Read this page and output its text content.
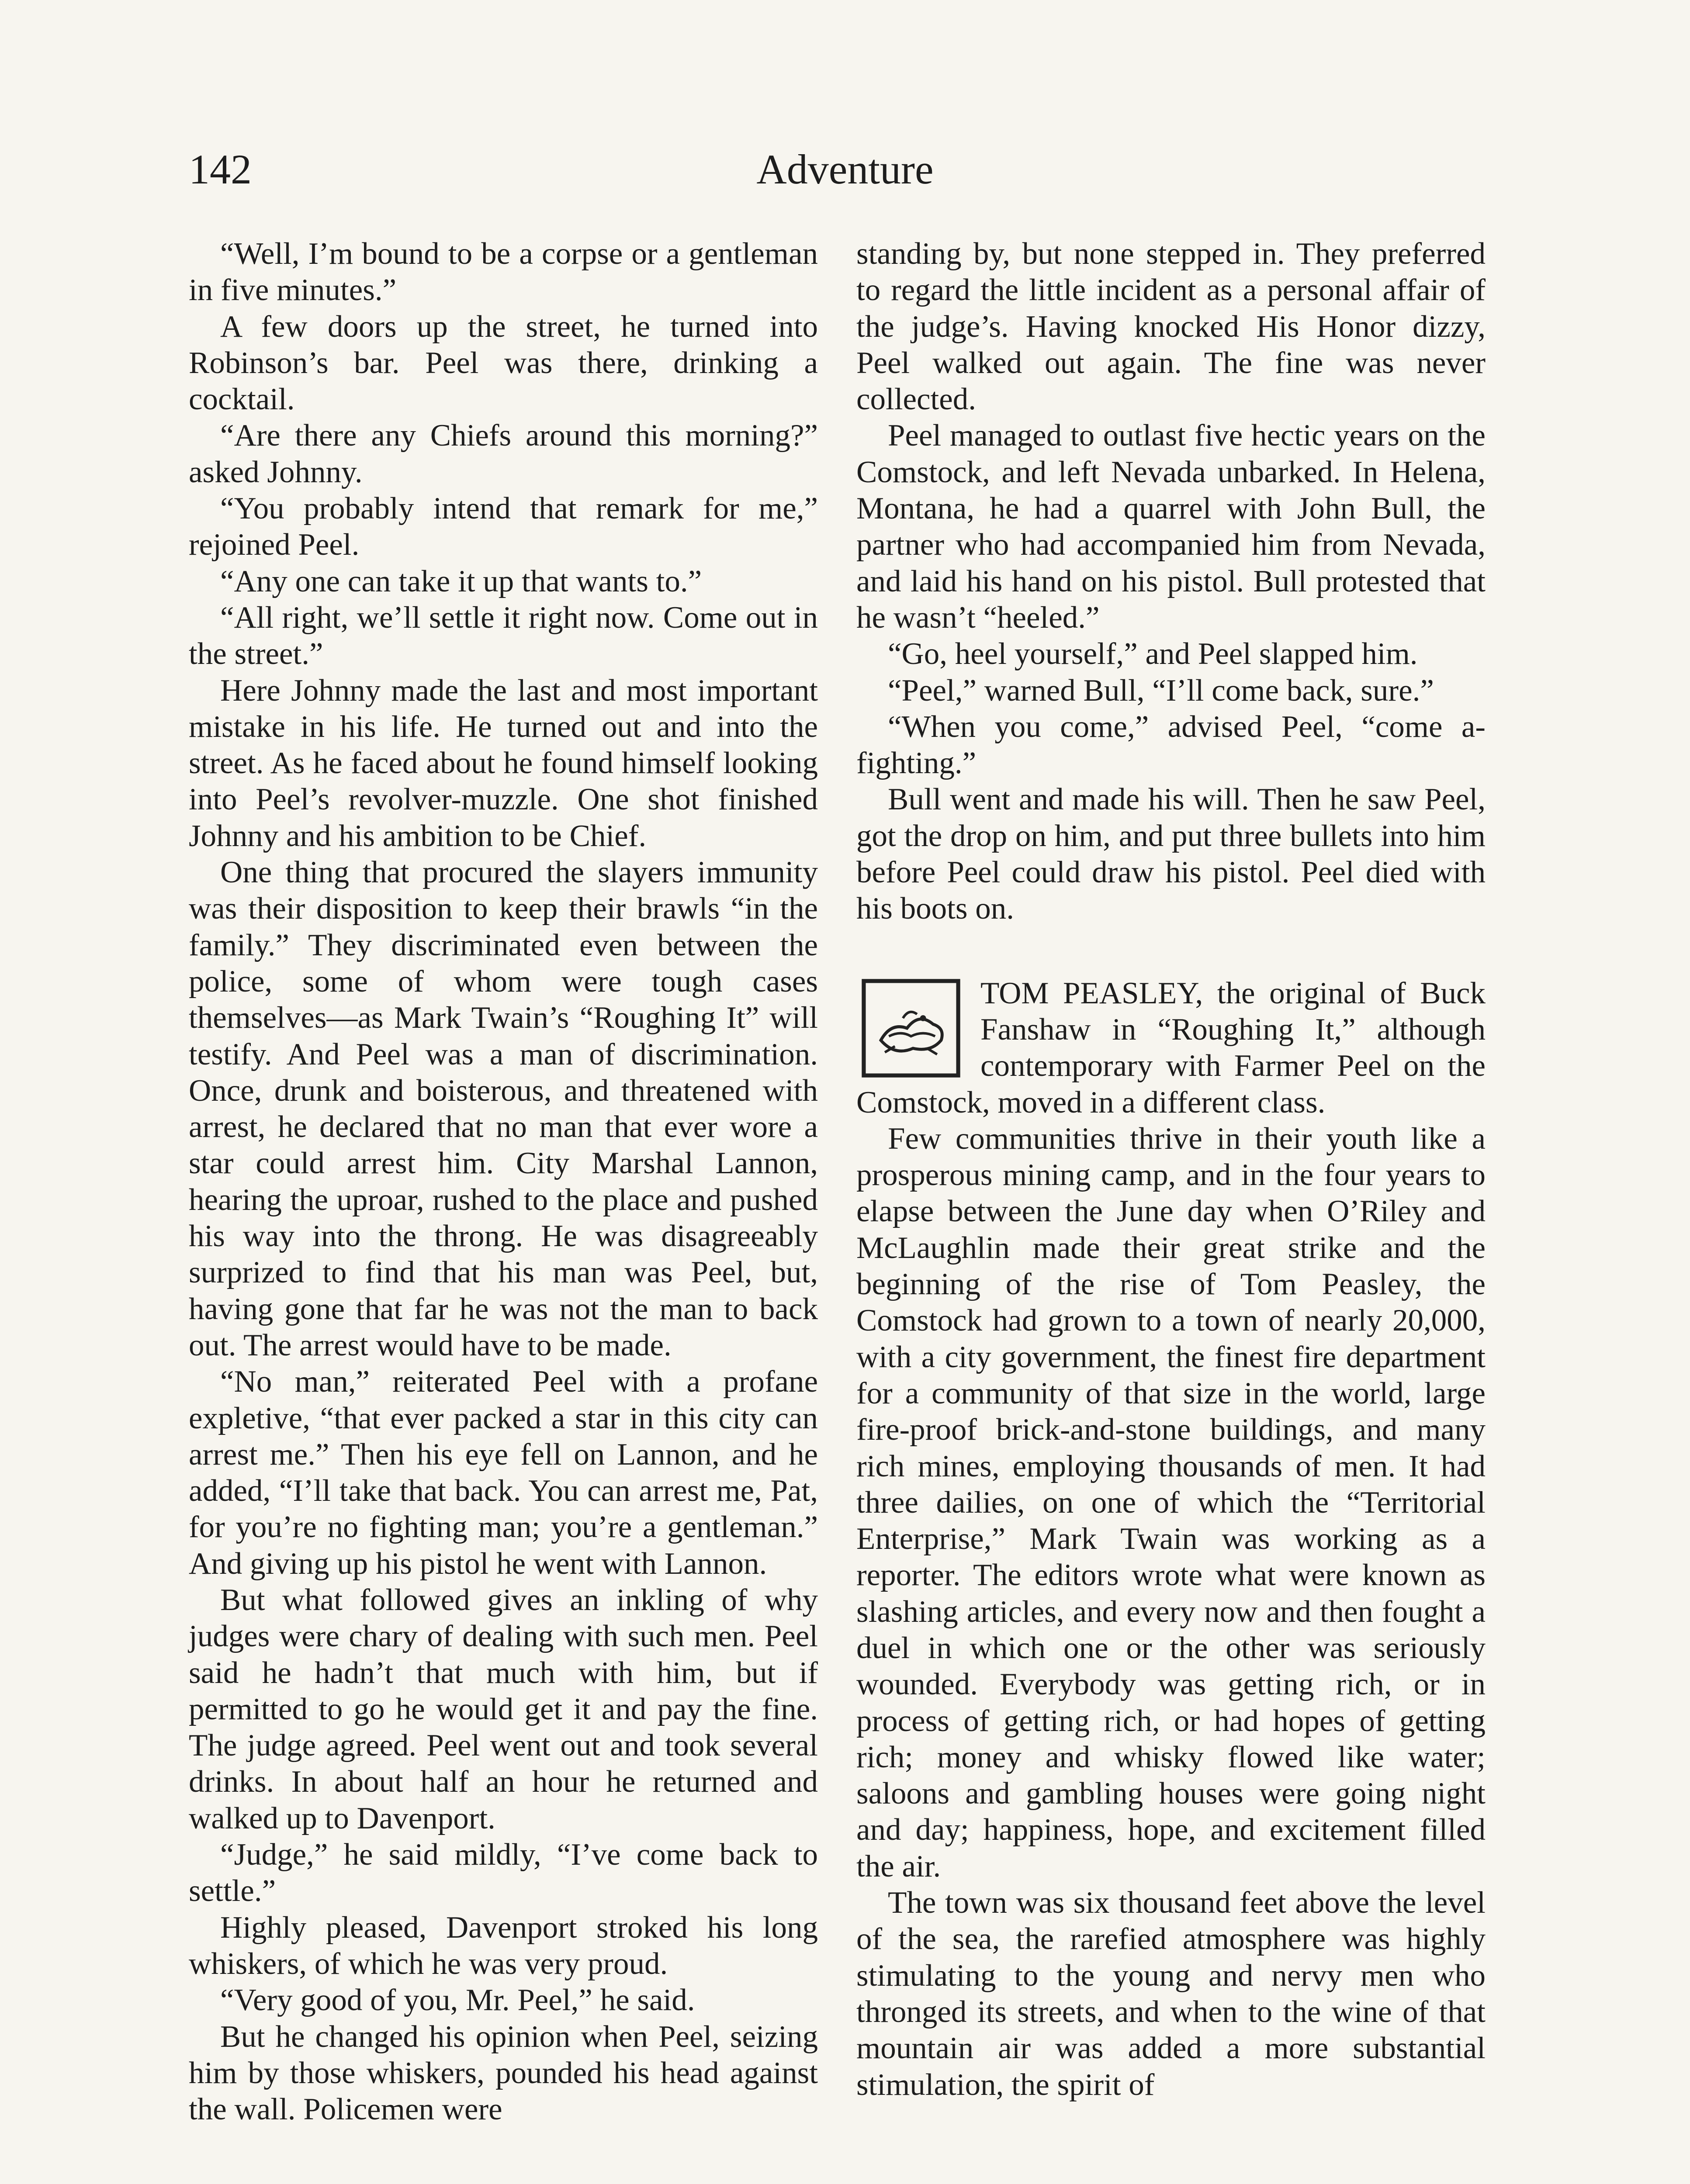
142	Adventure

“Well, I’m bound to be a corpse or a gentleman in five minutes.”

A few doors up the street, he turned into Robinson’s bar. Peel was there, drinking a cocktail.

“Are there any Chiefs around this morning?” asked Johnny.

“You probably intend that remark for me,” rejoined Peel.

“Any one can take it up that wants to.”

“All right, we’ll settle it right now. Come out in the street.”

Here Johnny made the last and most important mistake in his life. He turned out and into the street. As he faced about he found himself looking into Peel’s revolver-muzzle. One shot finished Johnny and his ambition to be Chief.

One thing that procured the slayers immunity was their disposition to keep their brawls “in the family.” They discriminated even between the police, some of whom were tough cases themselves—as Mark Twain’s “Roughing It” will testify. And Peel was a man of discrimination. Once, drunk and boisterous, and threatened with arrest, he declared that no man that ever wore a star could arrest him. City Marshal Lannon, hearing the uproar, rushed to the place and pushed his way into the throng. He was disagreeably surprized to find that his man was Peel, but, having gone that far he was not the man to back out. The arrest would have to be made.

“No man,” reiterated Peel with a profane expletive, “that ever packed a star in this city can arrest me.” Then his eye fell on Lannon, and he added, “I’ll take that back. You can arrest me, Pat, for you’re no fighting man; you’re a gentleman.” And giving up his pistol he went with Lannon.

But what followed gives an inkling of why judges were chary of dealing with such men. Peel said he hadn’t that much with him, but if permitted to go he would get it and pay the fine. The judge agreed. Peel went out and took several drinks. In about half an hour he returned and walked up to Davenport.

“Judge,” he said mildly, “I’ve come back to settle.”

Highly pleased, Davenport stroked his long whiskers, of which he was very proud.

“Very good of you, Mr. Peel,” he said.

But he changed his opinion when Peel, seizing him by those whiskers, pounded his head against the wall. Policemen were

standing by, but none stepped in. They preferred to regard the little incident as a personal affair of the judge’s. Having knocked His Honor dizzy, Peel walked out again. The fine was never collected.

Peel managed to outlast five hectic years on the Comstock, and left Nevada unbarked. In Helena, Montana, he had a quarrel with John Bull, the partner who had accompanied him from Nevada, and laid his hand on his pistol. Bull protested that he wasn’t “heeled.”

“Go, heel yourself,” and Peel slapped him.

“Peel,” warned Bull, “I’ll come back, sure.”

“When you come,” advised Peel, “come a-fighting.”

Bull went and made his will. Then he saw Peel, got the drop on him, and put three bullets into him before Peel could draw his pistol. Peel died with his boots on.

TOM PEASLEY, the original of Buck Fanshaw in “Roughing It,” although contemporary with Farmer Peel on the Comstock, moved in a different class.

Few communities thrive in their youth like a prosperous mining camp, and in the four years to elapse between the June day when O’Riley and McLaughlin made their great strike and the beginning of the rise of Tom Peasley, the Comstock had grown to a town of nearly 20,000, with a city government, the finest fire department for a community of that size in the world, large fire-proof brick-and-stone buildings, and many rich mines, employing thousands of men. It had three dailies, on one of which the “Territorial Enterprise,” Mark Twain was working as a reporter. The editors wrote what were known as slashing articles, and every now and then fought a duel in which one or the other was seriously wounded. Everybody was getting rich, or in process of getting rich, or had hopes of getting rich; money and whisky flowed like water; saloons and gambling houses were going night and day; happiness, hope, and excitement filled the air.

The town was six thousand feet above the level of the sea, the rarefied atmosphere was highly stimulating to the young and nervy men who thronged its streets, and when to the wine of that mountain air was added a more substantial stimulation, the spirit of
